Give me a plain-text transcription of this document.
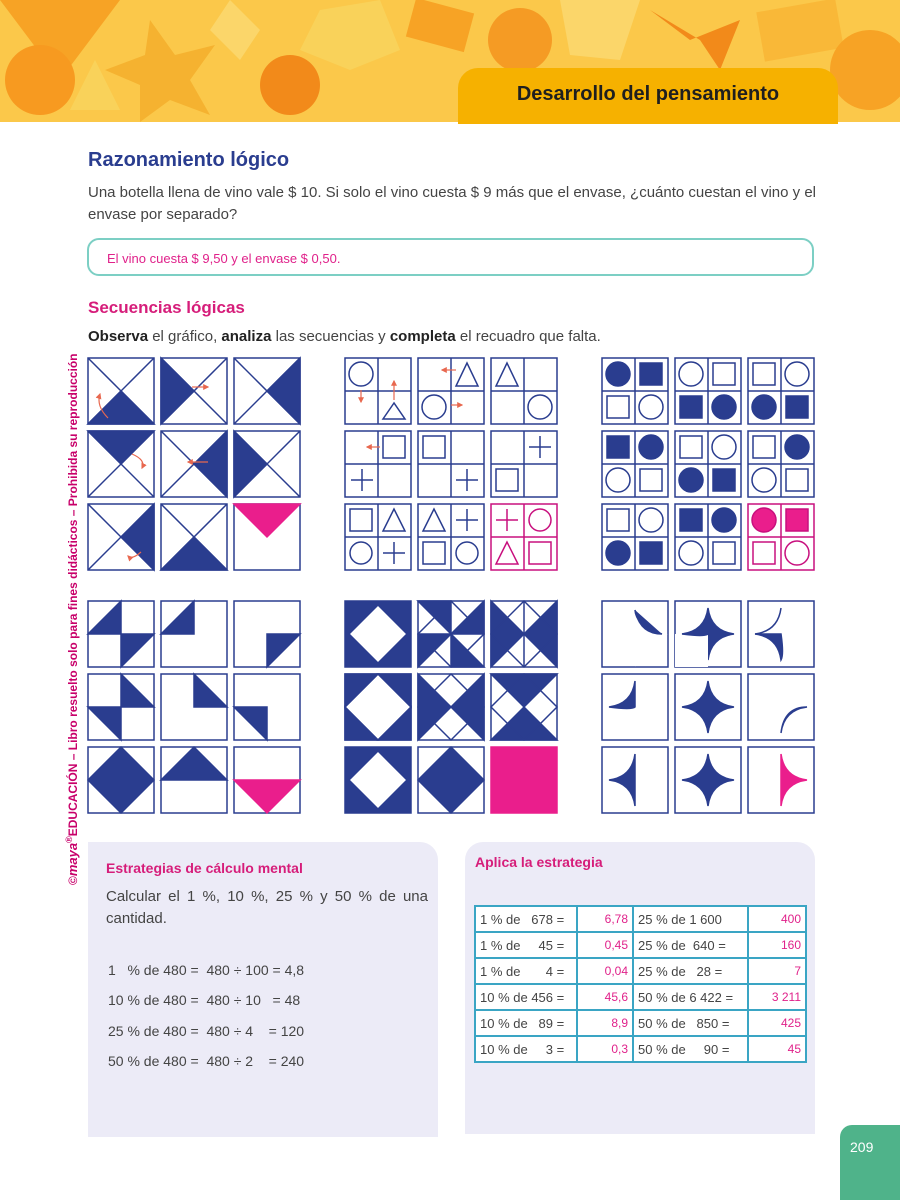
Desarrollo del pensamiento
©maya®EDUCACIÓN – Libro resuelto solo para fines didácticos – Prohibida su reproducción
Razonamiento lógico
Una botella llena de vino vale $ 10. Si solo el vino cuesta $ 9 más que el envase, ¿cuánto cuestan el vino y el envase por separado?
El vino cuesta $ 9,50 y el envase $ 0,50.
Secuencias lógicas
Observa el gráfico, analiza las secuencias y completa el recuadro que falta.
Estrategias de cálculo mental
Calcular el 1 %, 10 %, 25 % y 50 % de una cantidad.
1   % de 480 =  480 ÷ 100 = 4,8
10 % de 480 =  480 ÷ 10   = 48
25 % de 480 =  480 ÷ 4    = 120
50 % de 480 =  480 ÷ 2    = 240
Aplica la estrategia
1 % de   678 =	6,78	25 % de 1 600	400
1 % de     45 =	0,45	25 % de  640 =	160
1 % de       4 =	0,04	25 % de   28 =	7
10 % de 456 =	45,6	50 % de 6 422 =	3 211
10 % de   89 =	8,9	50 % de   850 =	425
10 % de     3 =	0,3	50 % de     90 =	45
209
